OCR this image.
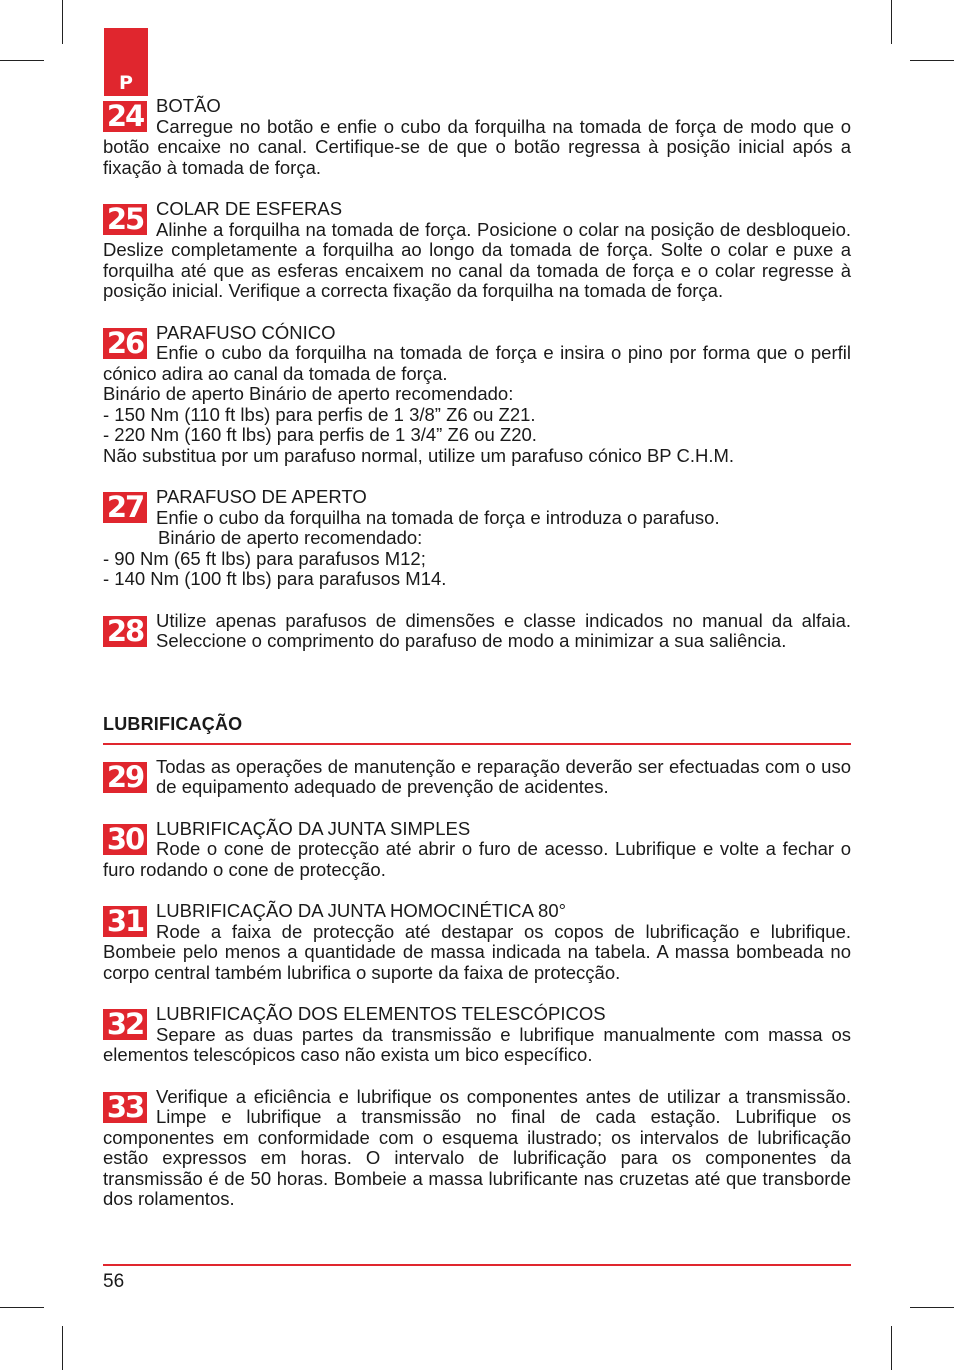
P
24 BOTÃO
Carregue no botão e enfie o cubo da forquilha na tomada de força de modo que o botão encaixe no canal. Certifique-se de que o botão regressa à posição inicial após a fixação à tomada de força.
25 COLAR DE ESFERAS
Alinhe a forquilha na tomada de força. Posicione o colar na posição de desbloqueio. Deslize completamente a forquilha ao longo da tomada de força. Solte o colar e puxe a forquilha até que as esferas encaixem no canal da tomada de força e o colar regresse à posição inicial. Verifique a correcta fixação da forquilha na tomada de força.
26 PARAFUSO CÓNICO
Enfie o cubo da forquilha na tomada de força e insira o pino por forma que o perfil cónico adira ao canal da tomada de força.
Binário de aperto Binário de aperto recomendado:
- 150 Nm (110 ft lbs) para perfis de 1 3/8” Z6 ou Z21.
- 220 Nm (160 ft lbs) para perfis de 1 3/4” Z6 ou Z20.
Não substitua por um parafuso normal, utilize um parafuso cónico BP C.H.M.
27 PARAFUSO DE APERTO
Enfie o cubo da forquilha na tomada de força e introduza o parafuso.
Binário de aperto recomendado:
- 90 Nm (65 ft lbs) para parafusos M12;
- 140 Nm (100 ft lbs) para parafusos M14.
28 Utilize apenas parafusos de dimensões e classe indicados no manual da alfaia. Seleccione o comprimento do parafuso de modo a minimizar a sua saliência.
LUBRIFICAÇÃO
29 Todas as operações de manutenção e reparação deverão ser efectuadas com o uso de equipamento adequado de prevenção de acidentes.
30 LUBRIFICAÇÃO DA JUNTA SIMPLES
Rode o cone de protecção até abrir o furo de acesso. Lubrifique e volte a fechar o furo rodando o cone de protecção.
31 LUBRIFICAÇÃO DA JUNTA HOMOCINÉTICA 80°
Rode a faixa de protecção até destapar os copos de lubrificação e lubrifique. Bombeie pelo menos a quantidade de massa indicada na tabela. A massa bombeada no corpo central também lubrifica o suporte da faixa de protecção.
32 LUBRIFICAÇÃO DOS ELEMENTOS TELESCÓPICOS
Separe as duas partes da transmissão e lubrifique manualmente com massa os elementos telescópicos caso não exista um bico específico.
33 Verifique a eficiência e lubrifique os componentes antes de utilizar a transmissão. Limpe e lubrifique a transmissão no final de cada estação. Lubrifique os componentes em conformidade com o esquema ilustrado; os intervalos de lubrificação estão expressos em horas. O intervalo de lubrificação para os componentes da transmissão é de 50 horas. Bombeie a massa lubrificante nas cruzetas até que transborde dos rolamentos.
56
